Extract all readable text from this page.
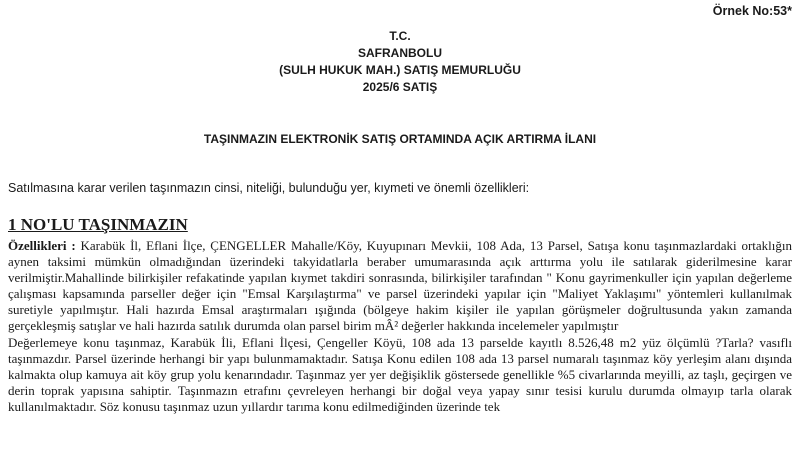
Örnek No:53*
T.C.
SAFRANBOLU
(SULH HUKUK MAH.) SATIŞ MEMURLUĞU
2025/6 SATIŞ
TAŞINMAZIN ELEKTRONİK SATIŞ ORTAMINDA AÇIK ARTIRMA İLANI
Satılmasına karar verilen taşınmazın cinsi, niteliği, bulunduğu yer, kıymeti ve önemli özellikleri:
1 NO'LU TAŞINMAZIN

Özellikleri : Karabük İl, Eflani İlçe, ÇENGELLER Mahalle/Köy, Kuyupınarı Mevkii, 108 Ada, 13 Parsel, Satışa konu taşınmazlardaki ortaklığın aynen taksimi mümkün olmadığından üzerindeki takyidatlarla beraber umumarasında açık arttırma yolu ile satılarak giderilmesine karar verilmiştir.Mahallinde bilirkişiler refakatinde yapılan kıymet takdiri sonrasında, bilirkişiler tarafından " Konu gayrimenkuller için yapılan değerleme çalışması kapsamında parseller değer için "Emsal Karşılaştırma" ve parsel üzerindeki yapılar için "Maliyet Yaklaşımı" yöntemleri kullanılmak suretiyle yapılmıştır. Hali hazırda Emsal araştırmaları ışığında (bölgeye hakim kişiler ile yapılan görüşmeler doğrultusunda yakın zamanda gerçekleşmiş satışlar ve hali hazırda satılık durumda olan parsel birim mÂ² değerler hakkında incelemeler yapılmıştır

Değerlemeye konu taşınmaz, Karabük İli, Eflani İlçesi, Çengeller Köyü, 108 ada 13 parselde kayıtlı 8.526,48 m2 yüz ölçümlü ?Tarla? vasıflı taşınmazdır. Parsel üzerinde herhangi bir yapı bulunmamaktadır. Satışa Konu edilen 108 ada 13 parsel numaralı taşınmaz köy yerleşim alanı dışında kalmakta olup kamuya ait köy grup yolu kenarındadır. Taşınmaz yer yer değişiklik göstersede genellikle %5 civarlarında meyilli, az taşlı, geçirgen ve derin toprak yapısına sahiptir. Taşınmazın etrafını çevreleyen herhangi bir doğal veya yapay sınır tesisi kurulu durumda olmayıp tarla olarak kullanılmaktadır. Söz konusu taşınmaz uzun yıllardır tarıma konu edilmediğinden üzerinde tek
